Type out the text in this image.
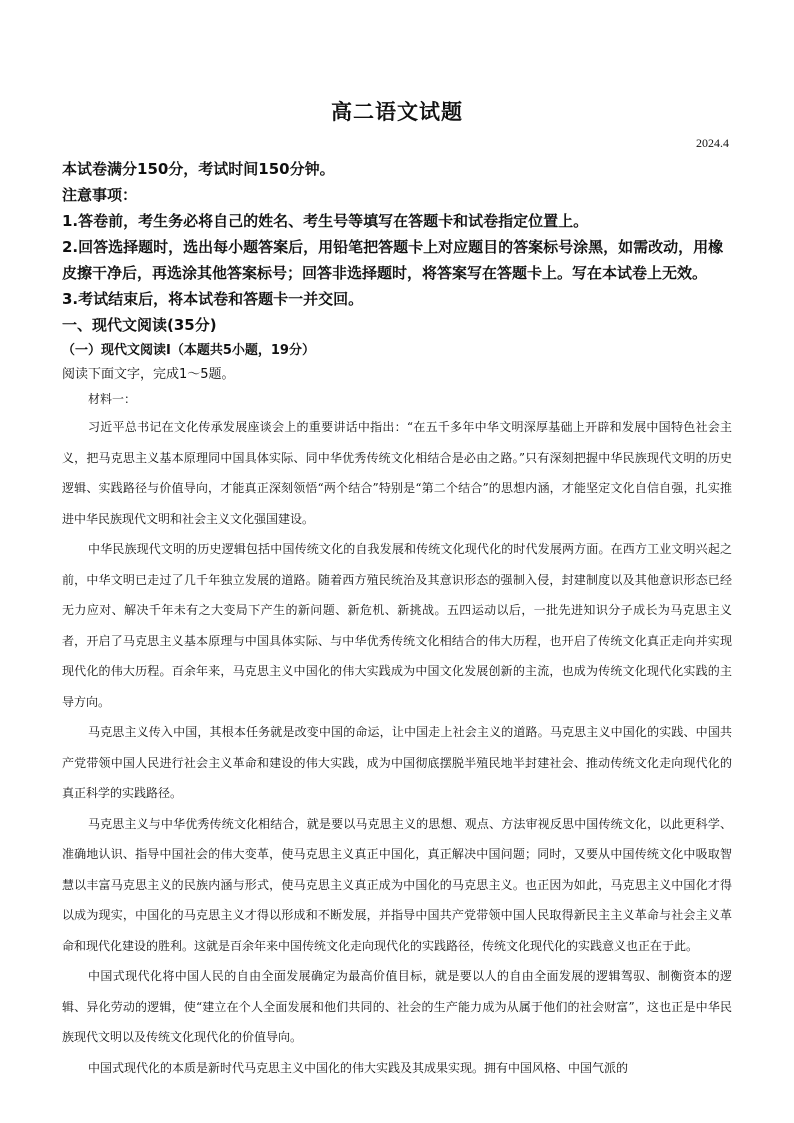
高二语文试题
2024.4

本试卷满分150分，考试时间150分钟。

注意事项：

1.答卷前，考生务必将自己的姓名、考生号等填写在答题卡和试卷指定位置上。

2.回答选择题时，选出每小题答案后，用铅笔把答题卡上对应题目的答案标号涂黑，如需改动，用橡皮擦干净后，再选涂其他答案标号；回答非选择题时，将答案写在答题卡上。写在本试卷上无效。

3.考试结束后，将本试卷和答题卡一并交回。

一、现代文阅读(35分)

（一）现代文阅读Ⅰ（本题共5小题，19分）

阅读下面文字，完成1～5题。

材料一：

习近平总书记在文化传承发展座谈会上的重要讲话中指出：“在五千多年中华文明深厚基础上开辟和发展中国特色社会主义，把马克思主义基本原理同中国具体实际、同中华优秀传统文化相结合是必由之路。”只有深刻把握中华民族现代文明的历史逻辑、实践路径与价值导向，才能真正深刻领悟“两个结合”特别是“第二个结合”的思想内涵，才能坚定文化自信自强，扎实推进中华民族现代文明和社会主义文化强国建设。

中华民族现代文明的历史逻辑包括中国传统文化的自我发展和传统文化现代化的时代发展两方面。在西方工业文明兴起之前，中华文明已走过了几千年独立发展的道路。随着西方殖民统治及其意识形态的强制入侵，封建制度以及其他意识形态已经无力应对、解决千年未有之大变局下产生的新问题、新危机、新挑战。五四运动以后，一批先进知识分子成长为马克思主义者，开启了马克思主义基本原理与中国具体实际、与中华优秀传统文化相结合的伟大历程，也开启了传统文化真正走向并实现现代化的伟大历程。百余年来，马克思主义中国化的伟大实践成为中国文化发展创新的主流，也成为传统文化现代化实践的主导方向。

马克思主义传入中国，其根本任务就是改变中国的命运，让中国走上社会主义的道路。马克思主义中国化的实践、中国共产党带领中国人民进行社会主义革命和建设的伟大实践，成为中国彻底摆脱半殖民地半封建社会、推动传统文化走向现代化的真正科学的实践路径。

马克思主义与中华优秀传统文化相结合，就是要以马克思主义的思想、观点、方法审视反思中国传统文化，以此更科学、准确地认识、指导中国社会的伟大变革，使马克思主义真正中国化，真正解决中国问题；同时，又要从中国传统文化中吸取智慧以丰富马克思主义的民族内涵与形式，使马克思主义真正成为中国化的马克思主义。也正因为如此，马克思主义中国化才得以成为现实，中国化的马克思主义才得以形成和不断发展，并指导中国共产党带领中国人民取得新民主主义革命与社会主义革命和现代化建设的胜利。这就是百余年来中国传统文化走向现代化的实践路径，传统文化现代化的实践意义也正在于此。

中国式现代化将中国人民的自由全面发展确定为最高价值目标，就是要以人的自由全面发展的逻辑驾驭、制衡资本的逻辑、异化劳动的逻辑，使“建立在个人全面发展和他们共同的、社会的生产能力成为从属于他们的社会财富”，这也正是中华民族现代文明以及传统文化现代化的价值导向。

中国式现代化的本质是新时代马克思主义中国化的伟大实践及其成果实现。拥有中国风格、中国气派的
